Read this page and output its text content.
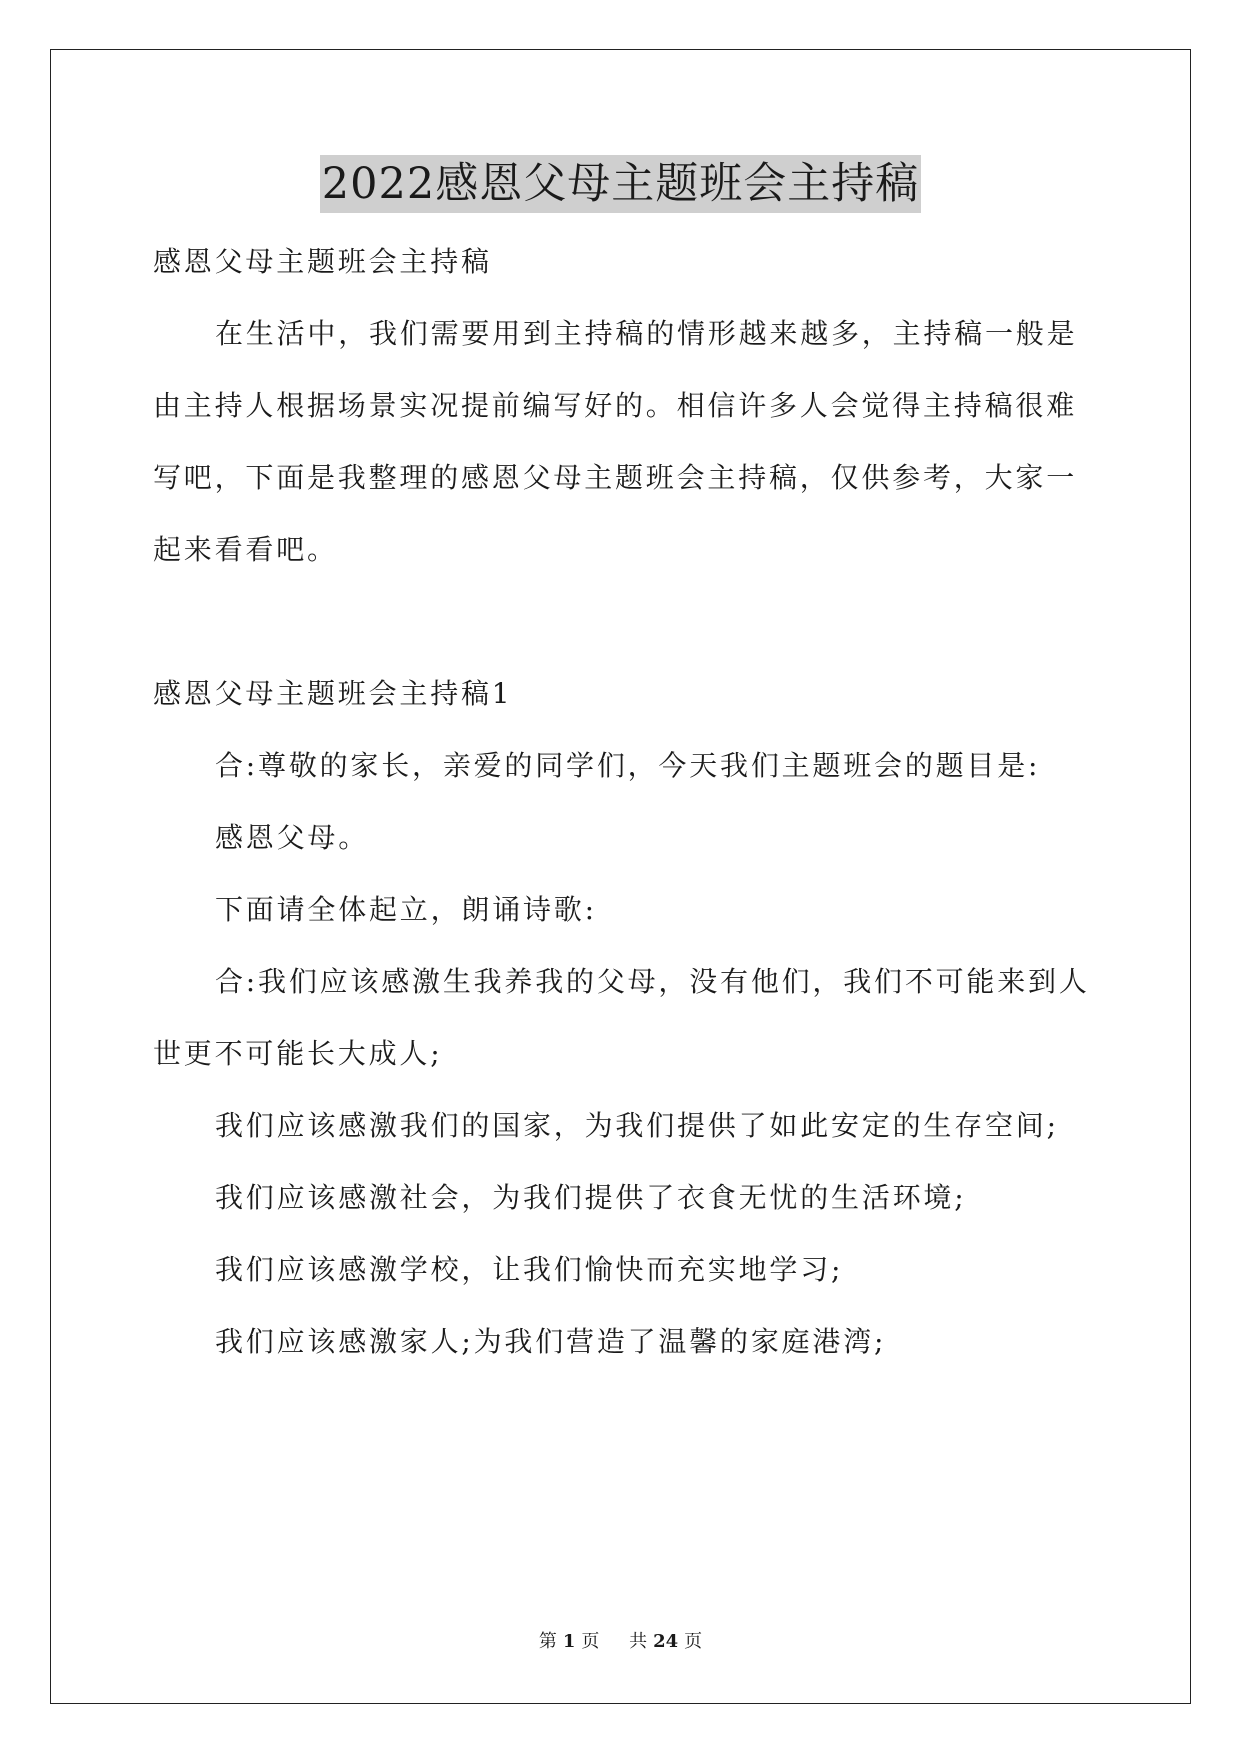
2022感恩父母主题班会主持稿
感恩父母主题班会主持稿
在生活中，我们需要用到主持稿的情形越来越多，主持稿一般是
由主持人根据场景实况提前编写好的。相信许多人会觉得主持稿很难
写吧，下面是我整理的感恩父母主题班会主持稿，仅供参考，大家一
起来看看吧。
感恩父母主题班会主持稿1
合:尊敬的家长，亲爱的同学们，今天我们主题班会的题目是:
感恩父母。
下面请全体起立，朗诵诗歌:
合:我们应该感激生我养我的父母，没有他们，我们不可能来到人
世更不可能长大成人;
我们应该感激我们的国家，为我们提供了如此安定的生存空间;
我们应该感激社会，为我们提供了衣食无忧的生活环境;
我们应该感激学校，让我们愉快而充实地学习;
我们应该感激家人;为我们营造了温馨的家庭港湾;
第 1 页 共 24 页
